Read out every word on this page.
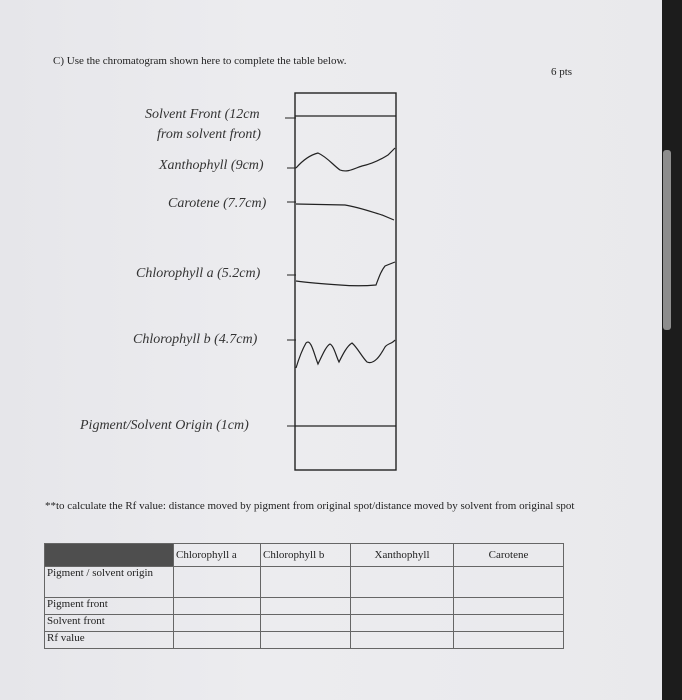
C) Use the chromatogram shown here to complete the table below.
6 pts
Solvent Front (12cm
from solvent front)
Xanthophyll (9cm)
Carotene (7.7cm)
Chlorophyll a (5.2cm)
Chlorophyll b (4.7cm)
Pigment/Solvent Origin (1cm)
**to calculate the Rf value: distance moved by pigment from original spot/distance moved by solvent from original spot
	Chlorophyll a	Chlorophyll b	Xanthophyll	Carotene
Pigment / solvent origin				
Pigment front				
Solvent front				
Rf value				
